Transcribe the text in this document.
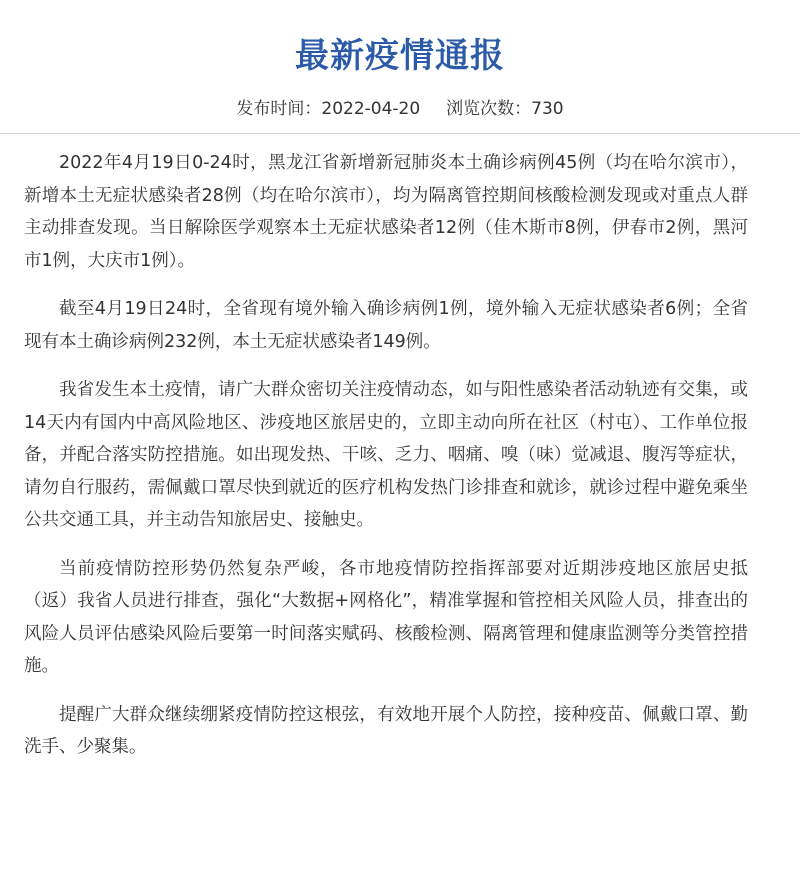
最新疫情通报
发布时间：2022-04-20 浏览次数：730

2022年4月19日0-24时，黑龙江省新增新冠肺炎本土确诊病例45例（均在哈尔滨市），新增本土无症状感染者28例（均在哈尔滨市），均为隔离管控期间核酸检测发现或对重点人群主动排查发现。当日解除医学观察本土无症状感染者12例（佳木斯市8例，伊春市2例，黑河市1例，大庆市1例）。

截至4月19日24时，全省现有境外输入确诊病例1例，境外输入无症状感染者6例；全省现有本土确诊病例232例，本土无症状感染者149例。

我省发生本土疫情，请广大群众密切关注疫情动态，如与阳性感染者活动轨迹有交集，或14天内有国内中高风险地区、涉疫地区旅居史的，立即主动向所在社区（村屯）、工作单位报备，并配合落实防控措施。如出现发热、干咳、乏力、咽痛、嗅（味）觉减退、腹泻等症状，请勿自行服药，需佩戴口罩尽快到就近的医疗机构发热门诊排查和就诊，就诊过程中避免乘坐公共交通工具，并主动告知旅居史、接触史。

当前疫情防控形势仍然复杂严峻，各市地疫情防控指挥部要对近期涉疫地区旅居史抵（返）我省人员进行排查，强化“大数据+网格化”，精准掌握和管控相关风险人员，排查出的风险人员评估感染风险后要第一时间落实赋码、核酸检测、隔离管理和健康监测等分类管控措施。

提醒广大群众继续绷紧疫情防控这根弦，有效地开展个人防控，接种疫苗、佩戴口罩、勤洗手、少聚集。
